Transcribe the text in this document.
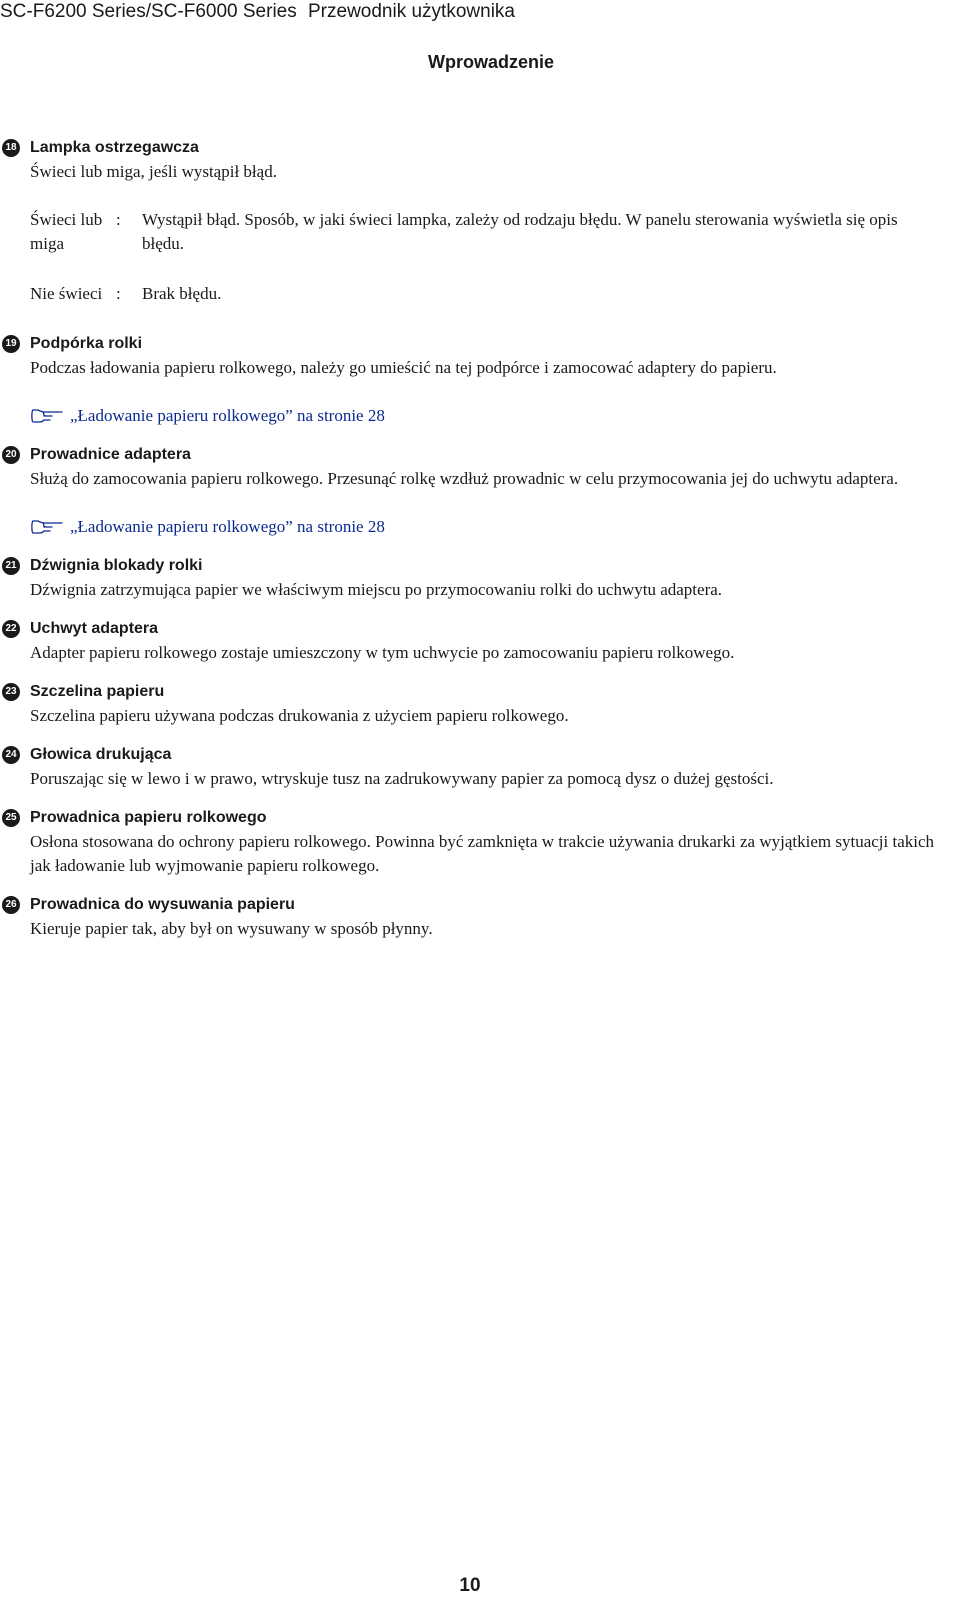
SC-F6200 Series/SC-F6000 Series Przewodnik użytkownika
Wprowadzenie
18 Lampka ostrzegawcza
Świeci lub miga, jeśli wystąpił błąd.
Świeci lub miga
:	Wystąpił błąd. Sposób, w jaki świeci lampka, zależy od rodzaju błędu. W panelu sterowania wyświetla się opis błędu.
Nie świeci :	Brak błędu.
19 Podpórka rolki
Podczas ładowania papieru rolkowego, należy go umieścić na tej podpórce i zamocować adaptery do papieru.
„Ładowanie papieru rolkowego” na stronie 28
20 Prowadnice adaptera
Służą do zamocowania papieru rolkowego. Przesunąć rolkę wzdłuż prowadnic w celu przymocowania jej do uchwytu adaptera.
„Ładowanie papieru rolkowego” na stronie 28
21 Dźwignia blokady rolki
Dźwignia zatrzymująca papier we właściwym miejscu po przymocowaniu rolki do uchwytu adaptera.
22 Uchwyt adaptera
Adapter papieru rolkowego zostaje umieszczony w tym uchwycie po zamocowaniu papieru rolkowego.
23 Szczelina papieru
Szczelina papieru używana podczas drukowania z użyciem papieru rolkowego.
24 Głowica drukująca
Poruszając się w lewo i w prawo, wtryskuje tusz na zadrukowywany papier za pomocą dysz o dużej gęstości.
25 Prowadnica papieru rolkowego
Osłona stosowana do ochrony papieru rolkowego. Powinna być zamknięta w trakcie używania drukarki za wyjątkiem sytuacji takich jak ładowanie lub wyjmowanie papieru rolkowego.
26 Prowadnica do wysuwania papieru
Kieruje papier tak, aby był on wysuwany w sposób płynny.
10
